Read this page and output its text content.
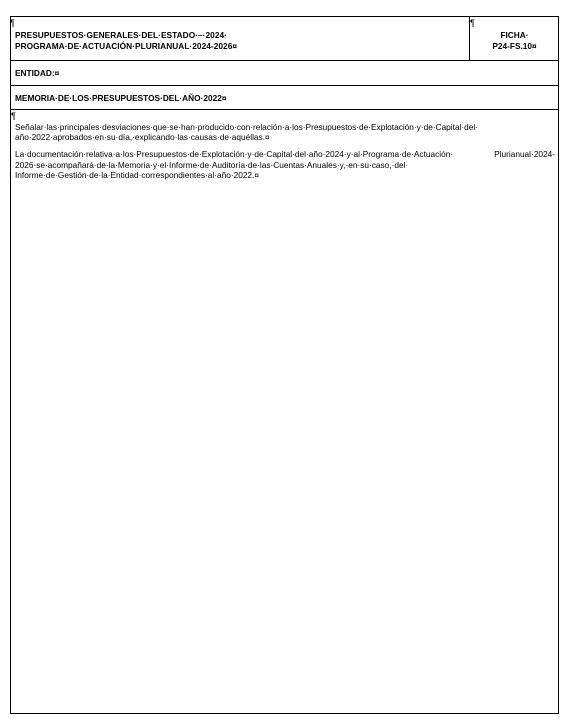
¶
PRESUPUESTOS·GENERALES·DEL·ESTADO·–·2024·
PROGRAMA·DE·ACTUACIÓN·PLURIANUAL·2024-2026¤
¶
FICHA·
P24-FS.10¤
ENTIDAD:¤
MEMORIA·DE·LOS·PRESUPUESTOS·DEL·AÑO·2022¤
¶

Señalar·las·principales·desviaciones·que·se·han·producido·con·relación·a·los·Presupuestos·de·Explotación·y·de·Capital·del· año·2022·aprobados·en·su·día,·explicando·las·causas·de·aquéllas.¤

La·documentación·relativa·a·los·Presupuestos·de·Explotación·y·de·Capital·del·año·2024·y·al·Programa·de·Actuación· Plurianual·2024-2026·se·acompañará·de·la·Memoria·y·el·Informe·de·Auditoría·de·las·Cuentas·Anuales·y,·en·su·caso,·del· Informe·de·Gestión·de·la·Entidad·correspondientes·al·año·2022.¤
